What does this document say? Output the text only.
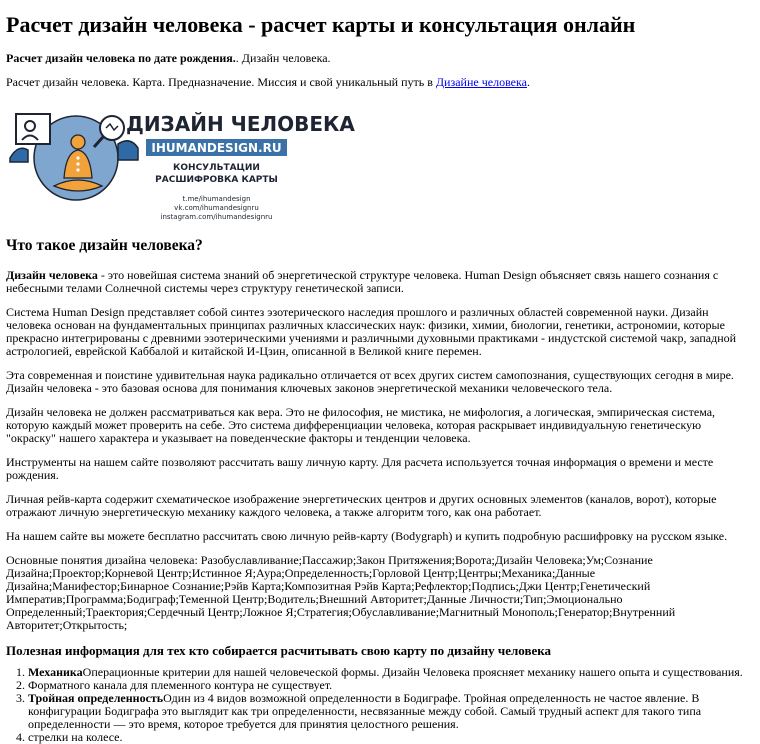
Расчет дизайн человека - расчет карты и консультация онлайн

Расчет дизайн человека по дате рождения.. Дизайн человека.

Расчет дизайн человека. Карта. Предназначение. Миссия и свой уникальный путь в Дизайне человека.

ДИЗАЙН ЧЕЛОВЕКА
IHUMANDESIGN.RU
КОНСУЛЬТАЦИИ
РАСШИФРОВКА КАРТЫ
t.me/ihumandesign
vk.com/ihumandesignru
instagram.com/ihumandesignru
Что такое дизайн человека?

Дизайн человека - это новейшая система знаний об энергетической структуре человека. Human Design объясняет связь нашего сознания с небесными телами Солнечной системы через структуру генетической записи.

Система Human Design представляет собой синтез эзотерического наследия прошлого и различных областей современной науки. Дизайн человека основан на фундаментальных принципах различных классических наук: физики, химии, биологии, генетики, астрономии, которые прекрасно интегрированы с древними эзотерическими учениями и различными духовными практиками - индустской системой чакр, западной астрологией, еврейской Каббалой и китайской И-Цзин, описанной в Великой книге перемен.

Эта современная и поистине удивительная наука радикально отличается от всех других систем самопознания, существующих сегодня в мире. Дизайн человека - это базовая основа для понимания ключевых законов энергетической механики человеческого тела.

Дизайн человека не должен рассматриваться как вера. Это не философия, не мистика, не мифология, а логическая, эмпирическая система, которую каждый может проверить на себе. Это система дифференциации человека, которая раскрывает индивидуальную генетическую "окраску" нашего характера и указывает на поведенческие факторы и тенденции человека.

Инструменты на нашем сайте позволяют рассчитать вашу личную карту. Для расчета используется точная информация о времени и месте рождения.

Личная рейв-карта содержит схематическое изображение энергетических центров и других основных элементов (каналов, ворот), которые отражают личную энергетическую механику каждого человека, а также алгоритм того, как она работает.

На нашем сайте вы можете бесплатно рассчитать свою личную рейв-карту (Bodygraph) и купить подробную расшифровку на русском языке.

Основные понятия дизайна человека: Разобуславливание;Пассажир;Закон Притяжения;Ворота;Дизайн Человека;Ум;Сознание Дизайна;Проектор;Корневой Центр;Истинное Я;Аура;Определенность;Горловой Центр;Центры;Механика;Данные Дизайна;Манифестор;Бинарное Сознание;Рэйв Карта;Композитная Рэйв Карта;Рефлектор;Подпись;Джи Центр;Генетический Императив;Программа;Бодиграф;Теменной Центр;Водитель;Внешний Авторитет;Данные Личности;Тип;Эмоционально Определенный;Траектория;Сердечный Центр;Ложное Я;Стратегия;Обуславливание;Магнитный Монополь;Генератор;Внутренний Авторитет;Открытость;

Полезная информация для тех кто собирается расчитывать свою карту по дизайну человека
1. МеханикаОперационные критерии для нашей человеческой формы. Дизайн Человека проясняет механику нашего опыта и существования.
2. Форматного канала для племенного контура не существует.
3. Тройная определенностьОдин из 4 видов возможной определенности в Бодиграфе. Тройная определенность не частое явление. В конфигурации Бодиграфа это выглядит как три определенности, несвязанные между собой. Самый трудный аспект для такого типа определенности — это время, которое требуется для принятия целостного решения.
4. стрелки на колесе.
